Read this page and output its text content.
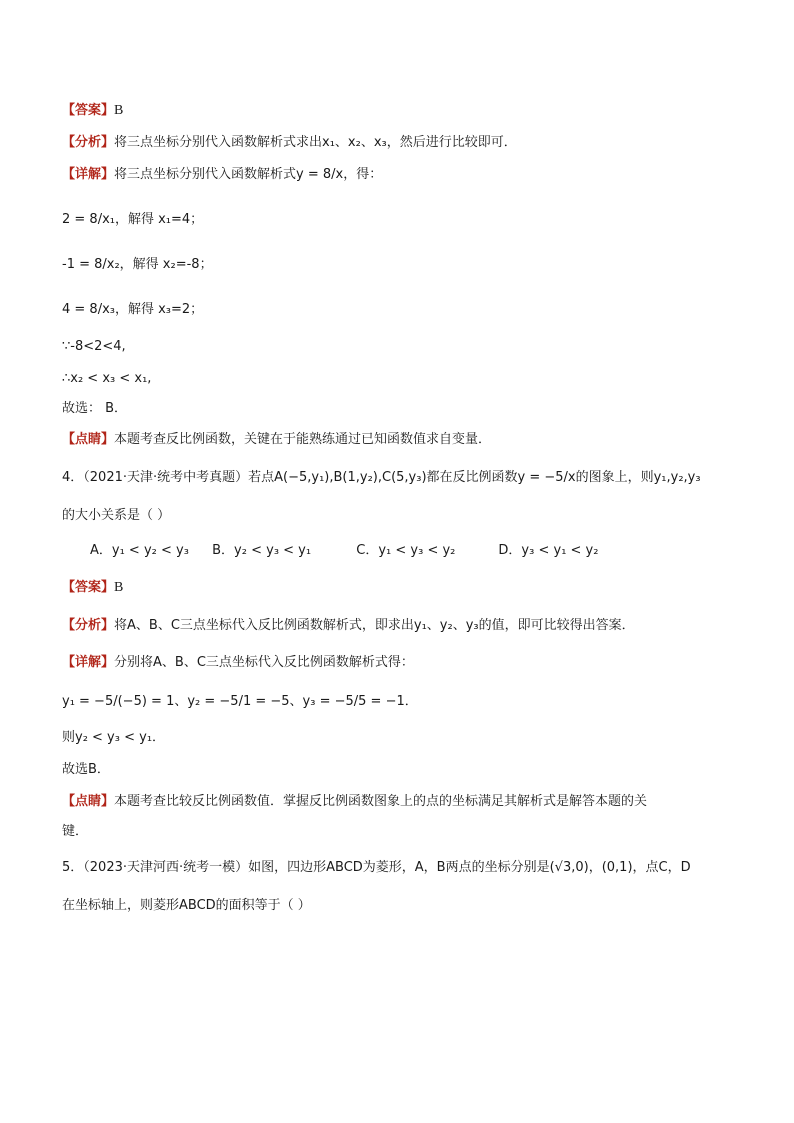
【答案】B
【分析】将三点坐标分别代入函数解析式求出x₁、x₂、x₃，然后进行比较即可．
【详解】将三点坐标分别代入函数解析式y = 8/x，得：
2 = 8/x₁，解得 x₁=4；
-1 = 8/x₂，解得 x₂=-8；
4 = 8/x₃，解得 x₃=2；
∵-8<2<4,
∴x₂ < x₃ < x₁,
故选： B．
【点睛】本题考查反比例函数，关键在于能熟练通过已知函数值求自变量．
4．（2021·天津·统考中考真题）若点A(−5,y₁),B(1,y₂),C(5,y₃)都在反比例函数y = −5/x的图象上，则y₁,y₂,y₃
的大小关系是（ ）
A．y₁ < y₂ < y₃ B．y₂ < y₃ < y₁	C．y₁ < y₃ < y₂	D．y₃ < y₁ < y₂
【答案】B
【分析】将A、B、C三点坐标代入反比例函数解析式，即求出y₁、y₂、y₃的值，即可比较得出答案．
【详解】分别将A、B、C三点坐标代入反比例函数解析式得：
y₁ = −5/(−5) = 1、y₂ = −5/1 = −5、y₃ = −5/5 = −1．
则y₂ < y₃ < y₁．
故选B．
【点睛】本题考查比较反比例函数值．掌握反比例函数图象上的点的坐标满足其解析式是解答本题的关
键．
5．（2023·天津河西·统考一模）如图，四边形ABCD为菱形，A，B两点的坐标分别是(√3,0)，(0,1)，点C，D
在坐标轴上，则菱形ABCD的面积等于（ ）
